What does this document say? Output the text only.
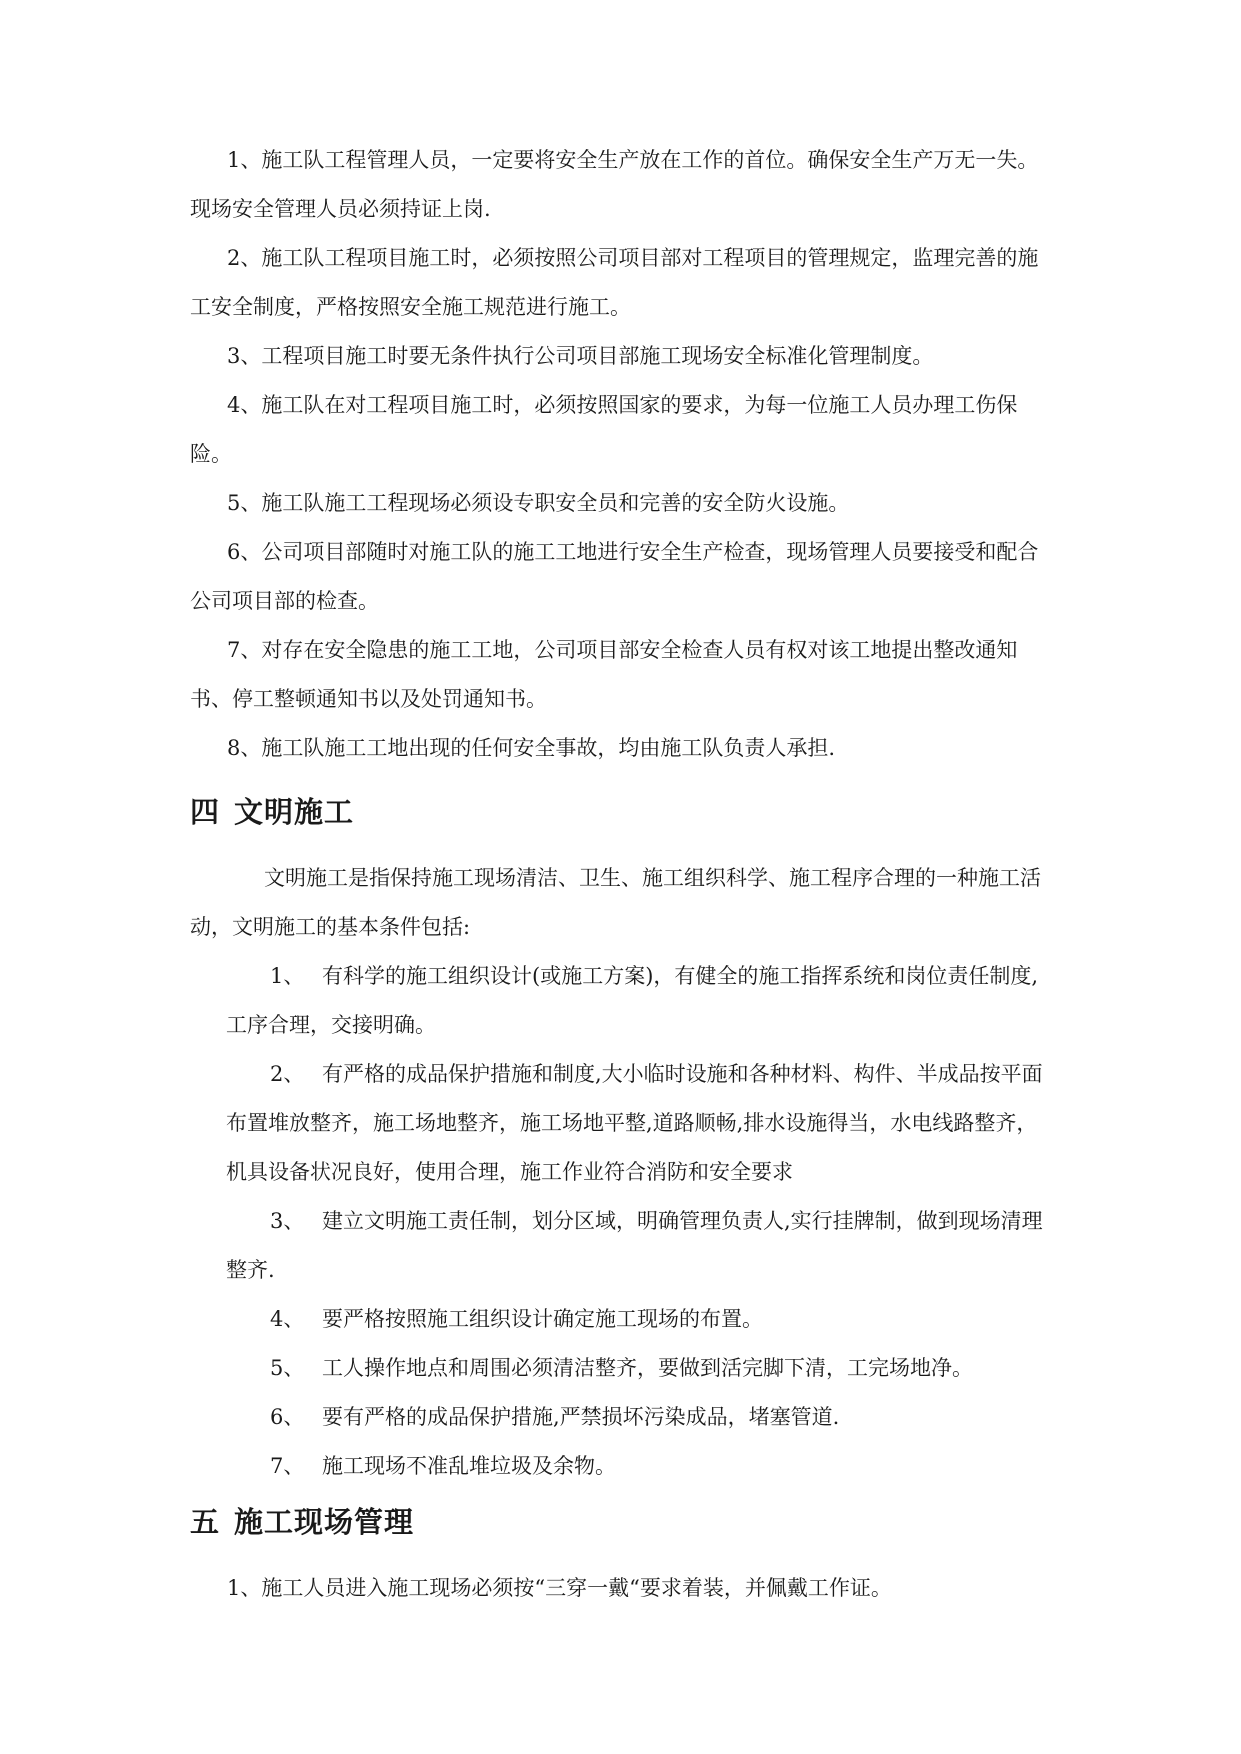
1、施工队工程管理人员，一定要将安全生产放在工作的首位。确保安全生产万无一失。现场安全管理人员必须持证上岗.

2、施工队工程项目施工时，必须按照公司项目部对工程项目的管理规定，监理完善的施工安全制度，严格按照安全施工规范进行施工。

3、工程项目施工时要无条件执行公司项目部施工现场安全标准化管理制度。

4、施工队在对工程项目施工时，必须按照国家的要求，为每一位施工人员办理工伤保险。

5、施工队施工工程现场必须设专职安全员和完善的安全防火设施。

6、公司项目部随时对施工队的施工工地进行安全生产检查，现场管理人员要接受和配合公司项目部的检查。

7、对存在安全隐患的施工工地，公司项目部安全检查人员有权对该工地提出整改通知书、停工整顿通知书以及处罚通知书。

8、施工队施工工地出现的任何安全事故，均由施工队负责人承担.

四 文明施工

文明施工是指保持施工现场清洁、卫生、施工组织科学、施工程序合理的一种施工活动，文明施工的基本条件包括:

1、 有科学的施工组织设计(或施工方案)，有健全的施工指挥系统和岗位责任制度,工序合理，交接明确。

2、 有严格的成品保护措施和制度,大小临时设施和各种材料、构件、半成品按平面布置堆放整齐，施工场地整齐，施工场地平整,道路顺畅,排水设施得当，水电线路整齐，机具设备状况良好，使用合理，施工作业符合消防和安全要求

3、 建立文明施工责任制，划分区域，明确管理负责人,实行挂牌制，做到现场清理整齐.

4、 要严格按照施工组织设计确定施工现场的布置。

5、 工人操作地点和周围必须清洁整齐，要做到活完脚下清，工完场地净。

6、 要有严格的成品保护措施,严禁损坏污染成品，堵塞管道.

7、 施工现场不准乱堆垃圾及余物。

五 施工现场管理

1、施工人员进入施工现场必须按“三穿一戴“要求着装，并佩戴工作证。
